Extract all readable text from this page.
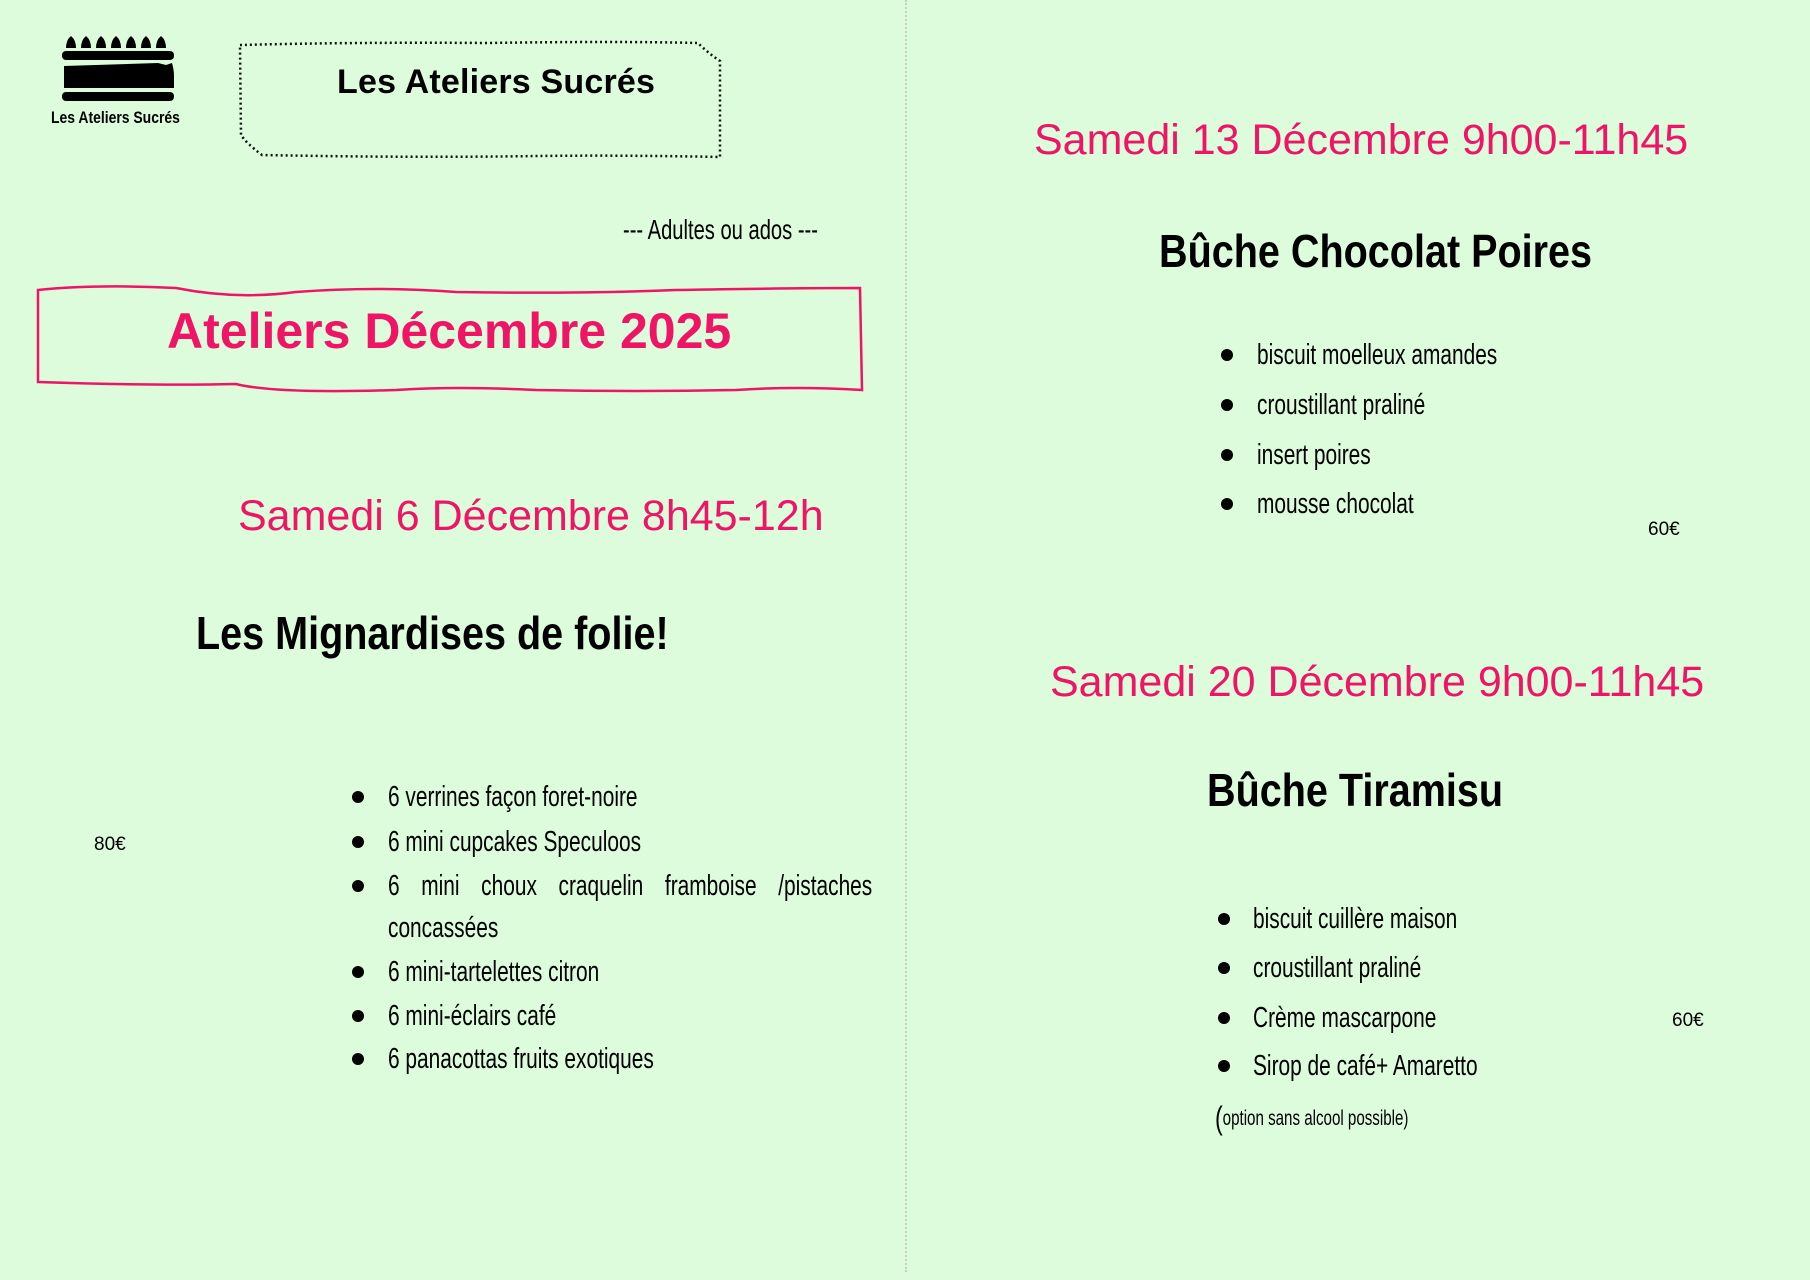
Les Ateliers Sucrés
Les Ateliers Sucrés
--- Adultes ou ados ---
Ateliers Décembre 2025
Samedi 6 Décembre 8h45-12h
Les Mignardises de folie!
80€
6 verrines façon foret-noire
6 mini cupcakes Speculoos
6 mini choux craquelin framboise /pistaches
concassées
6 mini-tartelettes citron
6 mini-éclairs café
6 panacottas fruits exotiques
Samedi 13 Décembre 9h00-11h45
Bûche Chocolat Poires
biscuit moelleux amandes
croustillant praliné
insert poires
mousse chocolat
60€
Samedi 20 Décembre 9h00-11h45
Bûche Tiramisu
biscuit cuillère maison
croustillant praliné
Crème mascarpone
Sirop de café+ Amaretto
60€
(option sans alcool possible)
